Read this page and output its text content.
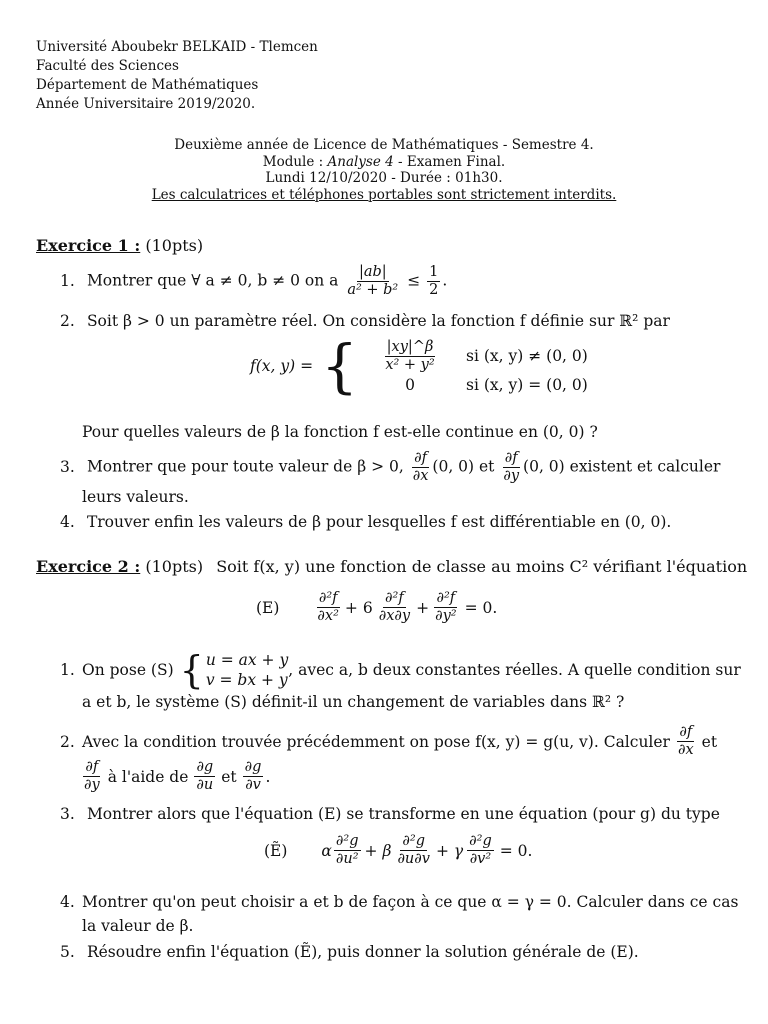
Université Aboubekr BELKAID - Tlemcen
Faculté des Sciences
Département de Mathématiques
Année Universitaire 2019/2020.
Deuxième année de Licence de Mathématiques - Semestre 4.
Module : Analyse 4 - Examen Final.
Lundi 12/10/2020 - Durée : 01h30.
Les calculatrices et téléphones portables sont strictement interdits.
Exercice 1 : (10pts)
1. Montrer que ∀ a ≠ 0, b ≠ 0 on a $\frac{|ab|}{\text{a² + b²}} \le \frac{1}{2}$ .
2. Soit β > 0 un paramètre réel. On considère la fonction f définie sur ℝ² par
f(x, y) = { $\frac{|xy|\^{}\beta}{\text{x² + y²}}$ si (x, y) ≠ (0, 0)
0	si (x, y) = (0, 0)
Pour quelles valeurs de β la fonction f est-elle continue en (0, 0) ?
3. Montrer que pour toute valeur de β > 0, $\frac{\partial f}{\partial x} (0$, 0) et $\frac{\partial f}{\partial y} (0$, 0) existent et calculer
leurs valeurs.
4. Trouver enfin les valeurs de β pour lesquelles f est différentiable en (0, 0).
Exercice 2 : (10pts) Soit f(x, y) une fonction de classe au moins C² vérifiant l'équation
$(E) \frac{\text{∂²f}}{\text{∂x²}} + 6 \frac{\text{∂²f}}{\partial x\partial y} + \frac{\text{∂²f}}{\text{∂y²}} = 0$.
1. On pose (S) { u = ax + y
v = bx + y
, avec a, b deux constantes réelles. A quelle condition sur
a et b, le système (S) définit-il un changement de variables dans ℝ² ?
2. Avec la condition trouvée précédemment on pose f(x, y) = g(u, v). Calculer $\frac{\partial f}{\partial x}$ et
$\frac{\partial f}{\partial y}$ à l'aide de $\frac{\partial g}{\partial u}$ et $\frac{\partial g}{\partial v}$ .
3. Montrer alors que l'équation (E) se transforme en une équation (pour g) du type
(Ẽ) α $\frac{\text{∂²g}}{\text{∂u²}} + \beta \frac{\text{∂²g}}{\partial u\partial v} + \gamma \frac{\text{∂²g}}{\text{∂v²}} = 0$.
4. Montrer qu'on peut choisir a et b de façon à ce que α = γ = 0. Calculer dans ce cas
la valeur de β.
5. Résoudre enfin l'équation (Ẽ), puis donner la solution générale de (E).
